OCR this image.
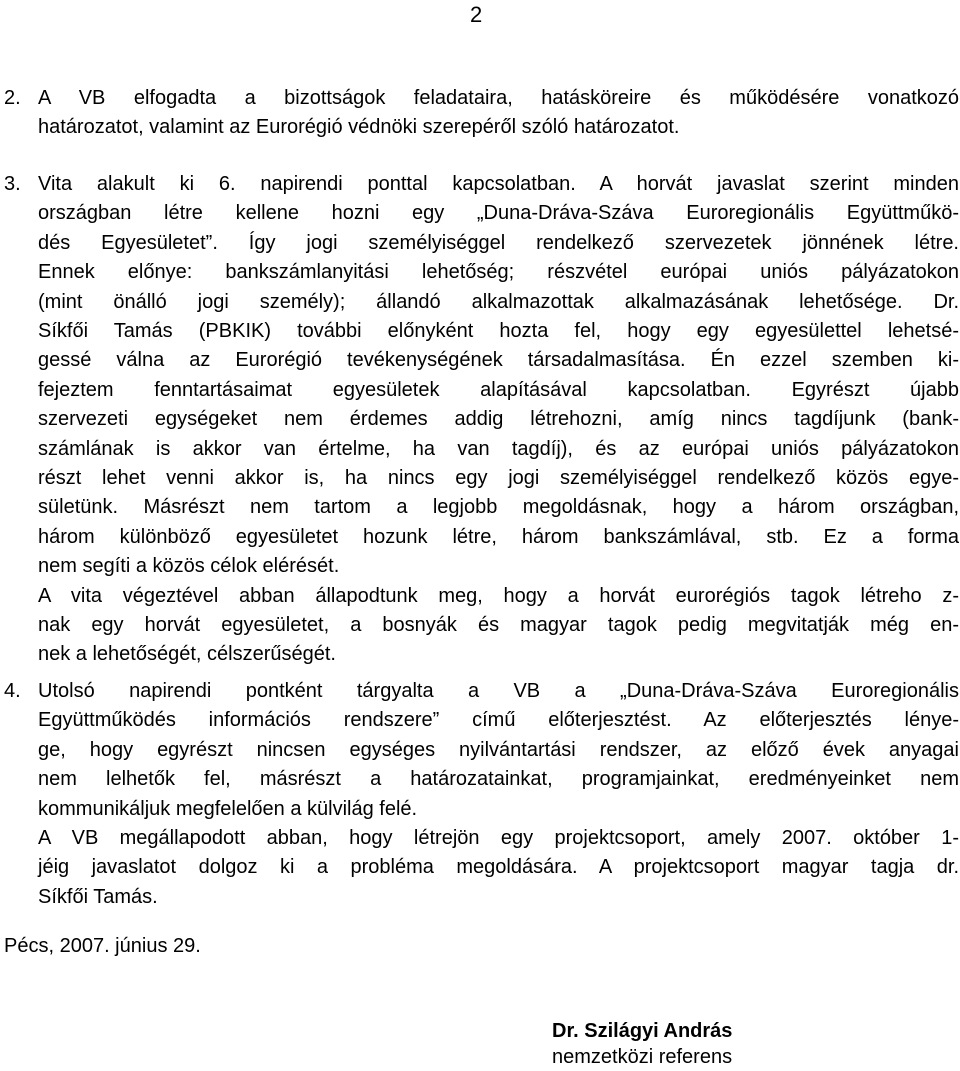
2
2. A VB elfogadta a bizottságok feladataira, hatásköreire és működésére vonatkozó
határozatot, valamint az Eurorégió védnöki szerepéről szóló határozatot.
3. Vita alakult ki 6. napirendi ponttal kapcsolatban. A horvát javaslat szerint minden
országban létre kellene hozni egy „Duna-Dráva-Száva Euroregionális Együttműkö-
dés Egyesületet”. Így jogi személyiséggel rendelkező szervezetek jönnének létre.
Ennek előnye: bankszámlanyitási lehetőség; részvétel európai uniós pályázatokon
(mint önálló jogi személy); állandó alkalmazottak alkalmazásának lehetősége. Dr.
Síkfői Tamás (PBKIK) további előnyként hozta fel, hogy egy egyesülettel lehetsé-
gessé válna az Eurorégió tevékenységének társadalmasítása. Én ezzel szemben ki-
fejeztem fenntartásaimat egyesületek alapításával kapcsolatban. Egyrészt újabb
szervezeti egységeket nem érdemes addig létrehozni, amíg nincs tagdíjunk (bank-
számlának is akkor van értelme, ha van tagdíj), és az európai uniós pályázatokon
részt lehet venni akkor is, ha nincs egy jogi személyiséggel rendelkező közös egye-
sületünk. Másrészt nem tartom a legjobb megoldásnak, hogy a három országban,
három különböző egyesületet hozunk létre, három bankszámlával, stb. Ez a forma
nem segíti a közös célok elérését.
A vita végeztével abban állapodtunk meg, hogy a horvát eurorégiós tagok létreho z-
nak egy horvát egyesületet, a bosnyák és magyar tagok pedig megvitatják még en-
nek a lehetőségét, célszerűségét.
4. Utolsó napirendi pontként tárgyalta a VB a „Duna-Dráva-Száva Euroregionális
Együttműködés információs rendszere” című előterjesztést. Az előterjesztés lénye-
ge, hogy egyrészt nincsen egységes nyilvántartási rendszer, az előző évek anyagai
nem lelhetők fel, másrészt a határozatainkat, programjainkat, eredményeinket nem
kommunikáljuk megfelelően a külvilág felé.
A VB megállapodott abban, hogy létrejön egy projektcsoport, amely 2007. október 1-
jéig javaslatot dolgoz ki a probléma megoldására. A projektcsoport magyar tagja dr.
Síkfői Tamás.
Pécs, 2007. június 29.
Dr. Szilágyi András
nemzetközi referens
